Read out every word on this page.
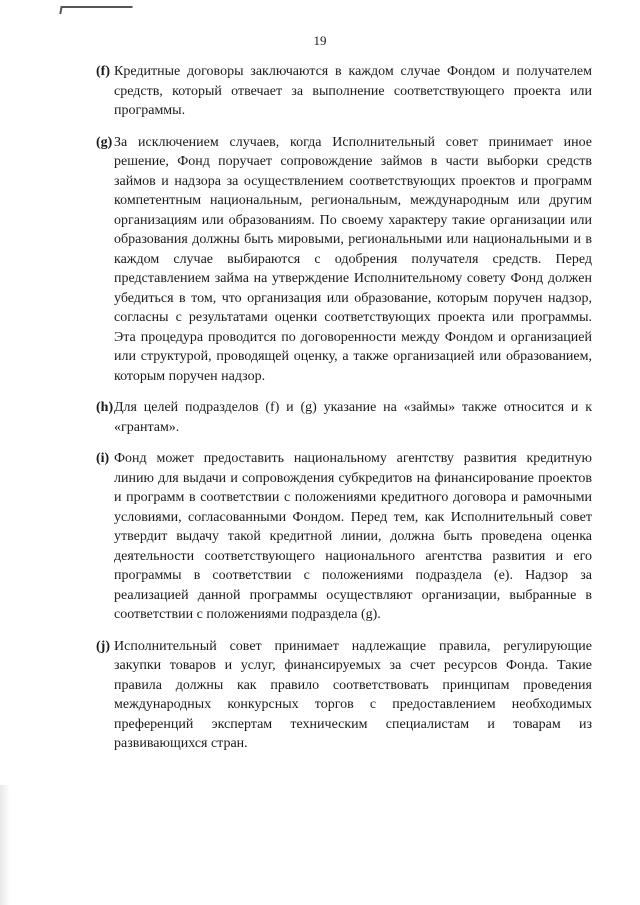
19
(f) Кредитные договоры заключаются в каждом случае Фондом и получателем средств, который отвечает за выполнение соответствующего проекта или программы.
(g) За исключением случаев, когда Исполнительный совет принимает иное решение, Фонд поручает сопровождение займов в части выборки средств займов и надзора за осуществлением соответствующих проектов и программ компетентным национальным, региональным, международным или другим организациям или образованиям. По своему характеру такие организации или образования должны быть мировыми, региональными или национальными и в каждом случае выбираются с одобрения получателя средств. Перед представлением займа на утверждение Исполнительному совету Фонд должен убедиться в том, что организация или образование, которым поручен надзор, согласны с результатами оценки соответствующих проекта или программы. Эта процедура проводится по договоренности между Фондом и организацией или структурой, проводящей оценку, а также организацией или образованием, которым поручен надзор.
(h) Для целей подразделов (f) и (g) указание на «займы» также относится и к «грантам».
(i) Фонд может предоставить национальному агентству развития кредитную линию для выдачи и сопровождения субкредитов на финансирование проектов и программ в соответствии с положениями кредитного договора и рамочными условиями, согласованными Фондом. Перед тем, как Исполнительный совет утвердит выдачу такой кредитной линии, должна быть проведена оценка деятельности соответствующего национального агентства развития и его программы в соответствии с положениями подраздела (e). Надзор за реализацией данной программы осуществляют организации, выбранные в соответствии с положениями подраздела (g).
(j) Исполнительный совет принимает надлежащие правила, регулирующие закупки товаров и услуг, финансируемых за счет ресурсов Фонда. Такие правила должны как правило соответствовать принципам проведения международных конкурсных торгов с предоставлением необходимых преференций экспертам техническим специалистам и товарам из развивающихся стран.
